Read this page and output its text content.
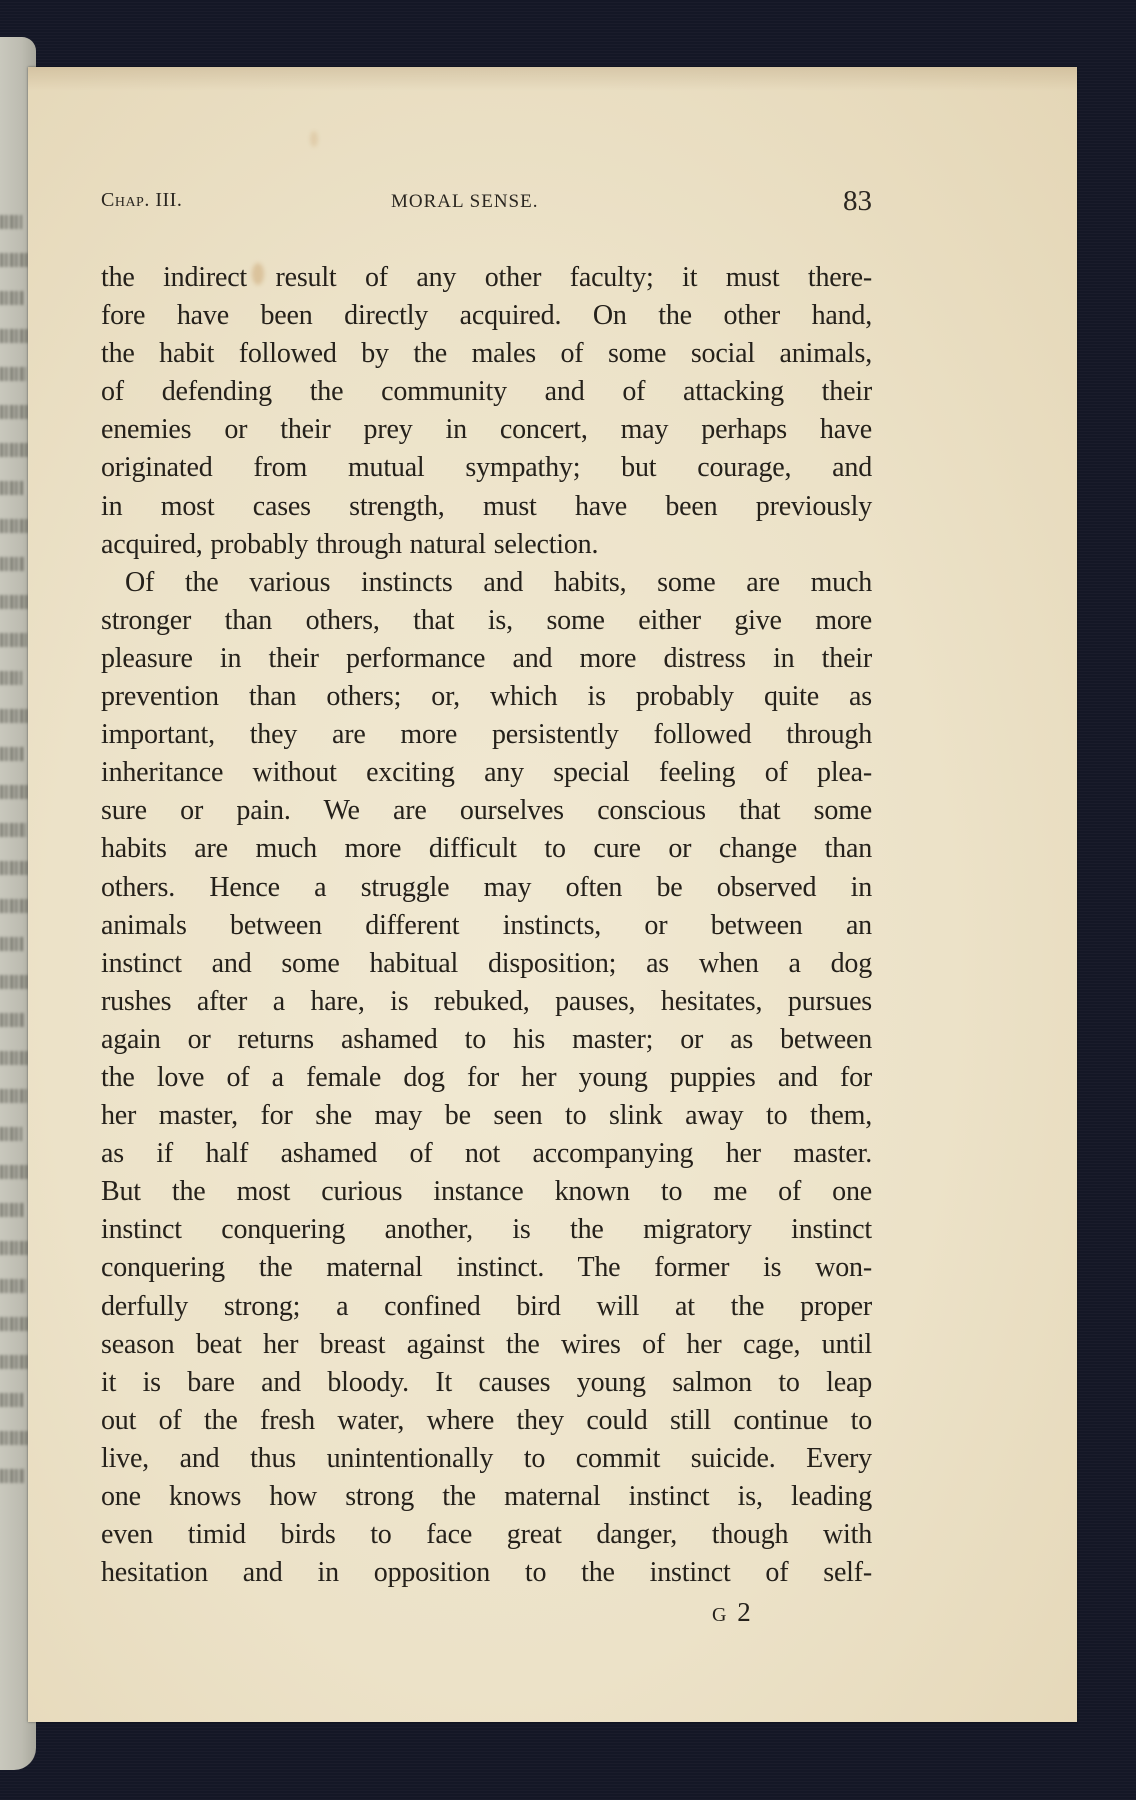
Chap. III.	MORAL SENSE.	83
the indirect result of any other faculty; it must there-
fore have been directly acquired. On the other hand,
the habit followed by the males of some social animals,
of defending the community and of attacking their
enemies or their prey in concert, may perhaps have
originated from mutual sympathy; but courage, and
in most cases strength, must have been previously
acquired, probably through natural selection.
Of the various instincts and habits, some are much
stronger than others, that is, some either give more
pleasure in their performance and more distress in their
prevention than others; or, which is probably quite as
important, they are more persistently followed through
inheritance without exciting any special feeling of plea-
sure or pain. We are ourselves conscious that some
habits are much more difficult to cure or change than
others. Hence a struggle may often be observed in
animals between different instincts, or between an
instinct and some habitual disposition; as when a dog
rushes after a hare, is rebuked, pauses, hesitates, pursues
again or returns ashamed to his master; or as between
the love of a female dog for her young puppies and for
her master, for she may be seen to slink away to them,
as if half ashamed of not accompanying her master.
But the most curious instance known to me of one
instinct conquering another, is the migratory instinct
conquering the maternal instinct. The former is won-
derfully strong; a confined bird will at the proper
season beat her breast against the wires of her cage, until
it is bare and bloody. It causes young salmon to leap
out of the fresh water, where they could still continue to
live, and thus unintentionally to commit suicide. Every
one knows how strong the maternal instinct is, leading
even timid birds to face great danger, though with
hesitation and in opposition to the instinct of self-
G 2
